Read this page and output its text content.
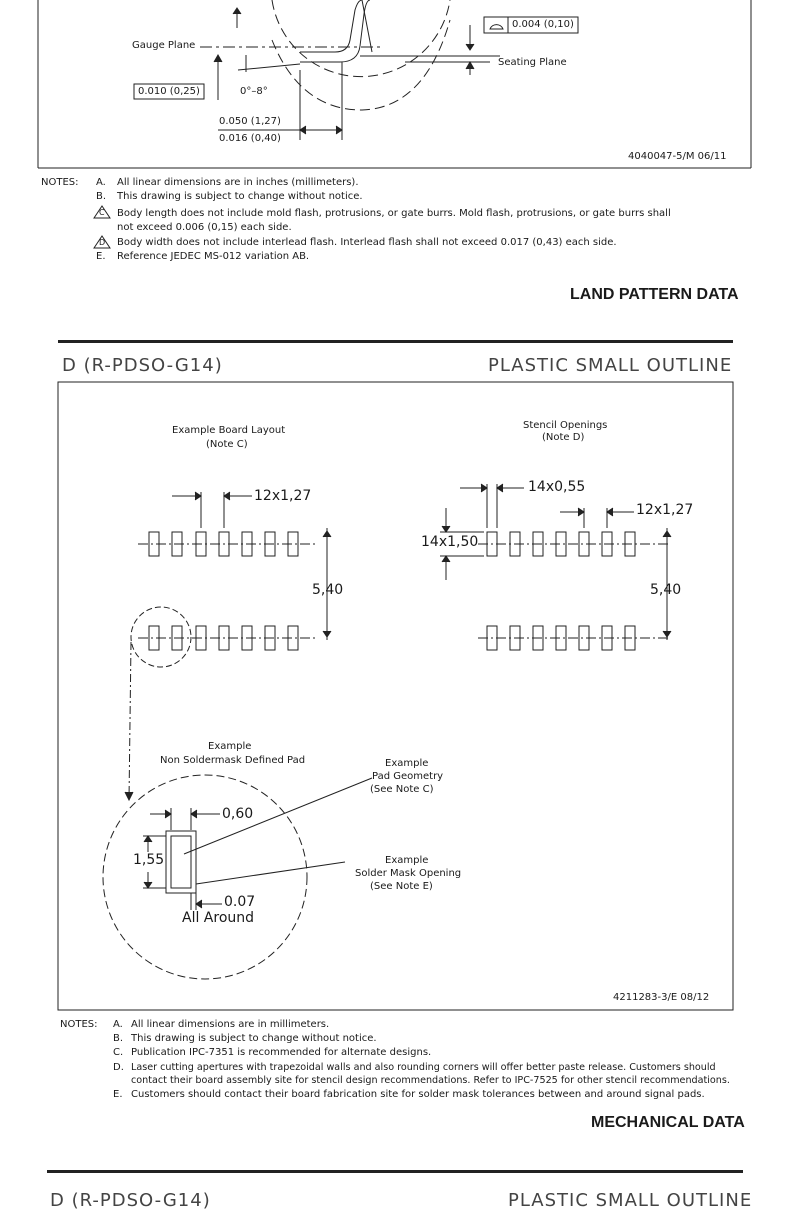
Gauge Plane
Seating Plane
0.010 (0,25)	0°–8°
0.050 (1,27)
0.016 (0,40)
0.004 (0,10)
4040047-5/M 06/11
NOTES: A. All linear dimensions are in inches (millimeters).
B. This drawing is subject to change without notice.
C Body length does not include mold flash, protrusions, or gate burrs. Mold flash, protrusions, or gate burrs shall
not exceed 0.006 (0,15) each side.
D Body width does not include interlead flash. Interlead flash shall not exceed 0.017 (0,43) each side.
E. Reference JEDEC MS-012 variation AB.
LAND PATTERN DATA
D (R-PDSO-G14)	PLASTIC SMALL OUTLINE
Example Board Layout
(Note C)
Stencil Openings
(Note D)
12x1,27
14x0,55
12x1,27
14x1,50
5,40	5,40
Example
Non Soldermask Defined Pad	Example
Pad Geometry
(See Note C)
Example
Solder Mask Opening
(See Note E)
0,60
1,55
0.07
All Around
4211283-3/E 08/12
NOTES: A. All linear dimensions are in millimeters.
B. This drawing is subject to change without notice.
C. Publication IPC-7351 is recommended for alternate designs.
D. Laser cutting apertures with trapezoidal walls and also rounding corners will offer better paste release. Customers should
contact their board assembly site for stencil design recommendations. Refer to IPC-7525 for other stencil recommendations.
E. Customers should contact their board fabrication site for solder mask tolerances between and around signal pads.
MECHANICAL DATA
D (R-PDSO-G14)	PLASTIC SMALL OUTLINE
